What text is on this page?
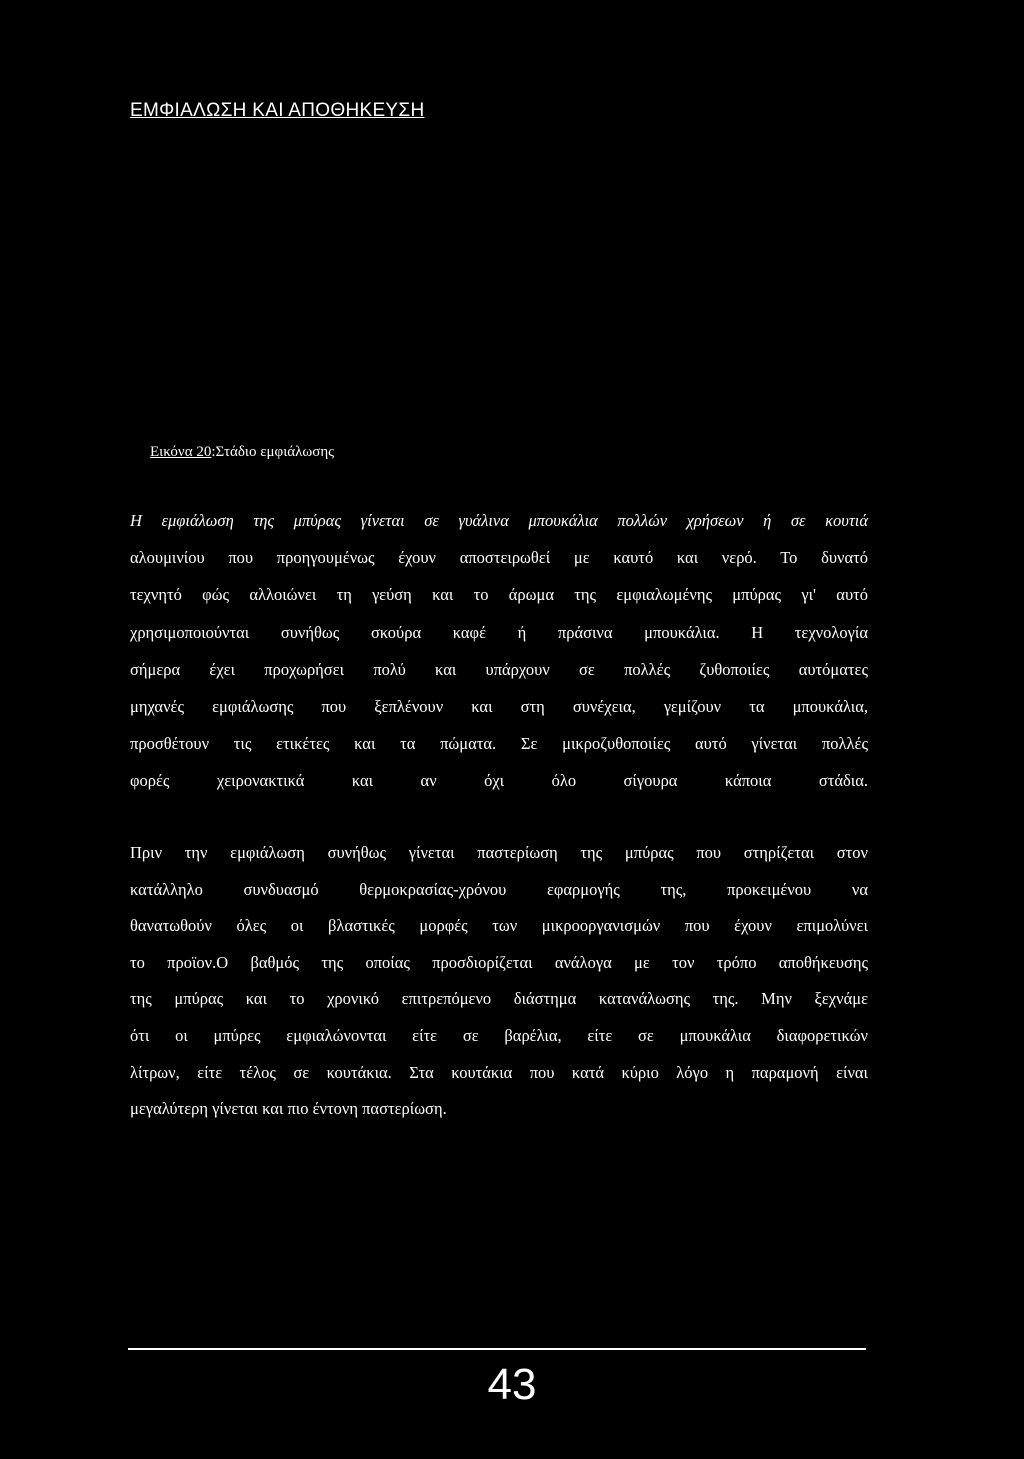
ΕΜΦΙΑΛΩΣΗ ΚΑΙ ΑΠΟΘΗΚΕΥΣΗ
Εικόνα 20:Στάδιο εμφιάλωσης
Η εμφιάλωση της μπύρας γίνεται σε γυάλινα μπουκάλια πολλών χρήσεων ή σε κουτιά
αλουμινίου που προηγουμένως έχουν αποστειρωθεί με καυτό και νερό. Το δυνατό
τεχνητό φώς αλλοιώνει τη γεύση και το άρωμα της εμφιαλωμένης μπύρας γι' αυτό
χρησιμοποιούνται συνήθως σκούρα καφέ ή πράσινα μπουκάλια. Η τεχνολογία
σήμερα έχει προχωρήσει πολύ και υπάρχουν σε πολλές ζυθοποιίες αυτόματες
μηχανές εμφιάλωσης που ξεπλένουν και στη συνέχεια, γεμίζουν τα μπουκάλια,
προσθέτουν τις ετικέτες και τα πώματα. Σε μικροζυθοποιίες αυτό γίνεται πολλές
φορές χειρονακτικά και αν όχι όλο σίγουρα κάποια στάδια.
Πριν την εμφιάλωση συνήθως γίνεται παστερίωση της μπύρας που στηρίζεται στον
κατάλληλο συνδυασμό θερμοκρασίας-χρόνου εφαρμογής της, προκειμένου να
θανατωθούν όλες οι βλαστικές μορφές των μικροοργανισμών που έχουν επιμολύνει
το προϊον.Ο βαθμός της οποίας προσδιορίζεται ανάλογα με τον τρόπο αποθήκευσης
της μπύρας και το χρονικό επιτρεπόμενο διάστημα κατανάλωσης της. Μην ξεχνάμε
ότι οι μπύρες εμφιαλώνονται είτε σε βαρέλια, είτε σε μπουκάλια διαφορετικών
λίτρων, είτε τέλος σε κουτάκια. Στα κουτάκια που κατά κύριο λόγο η παραμονή είναι
μεγαλύτερη γίνεται και πιο έντονη παστερίωση.
43
